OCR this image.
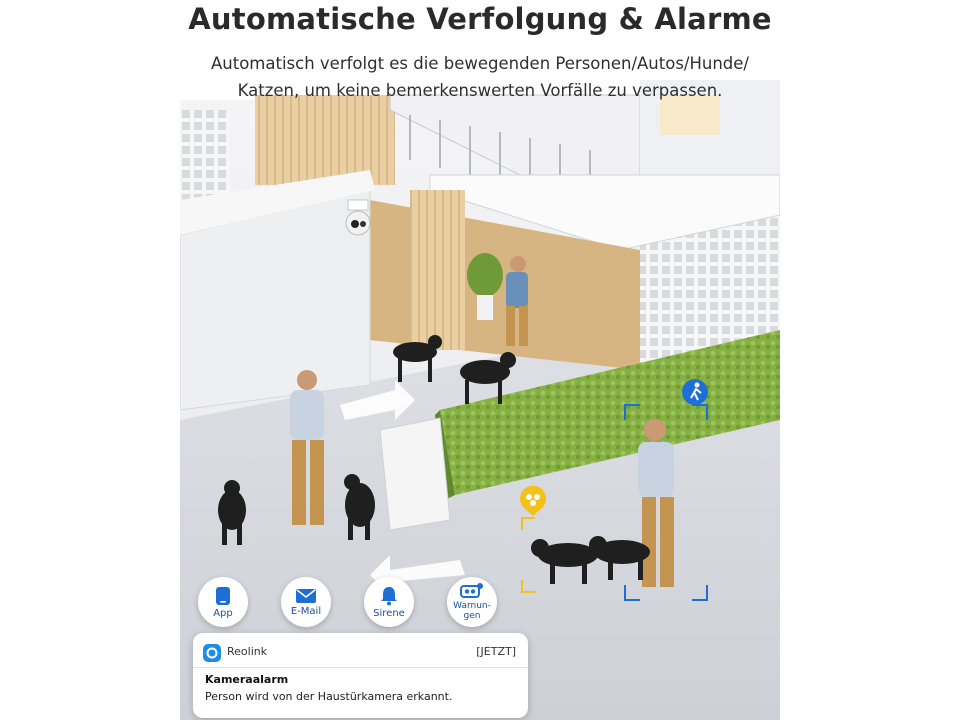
Automatische Verfolgung & Alarme
Automatisch verfolgt es die bewegenden Personen/Autos/Hunde/
Katzen, um keine bemerkenswerten Vorfälle zu verpassen.
App	E-Mail	Sirene
Warnun-
gen
Reolink	[JETZT]
Kameraalarm
Person wird von der Haustürkamera erkannt.
